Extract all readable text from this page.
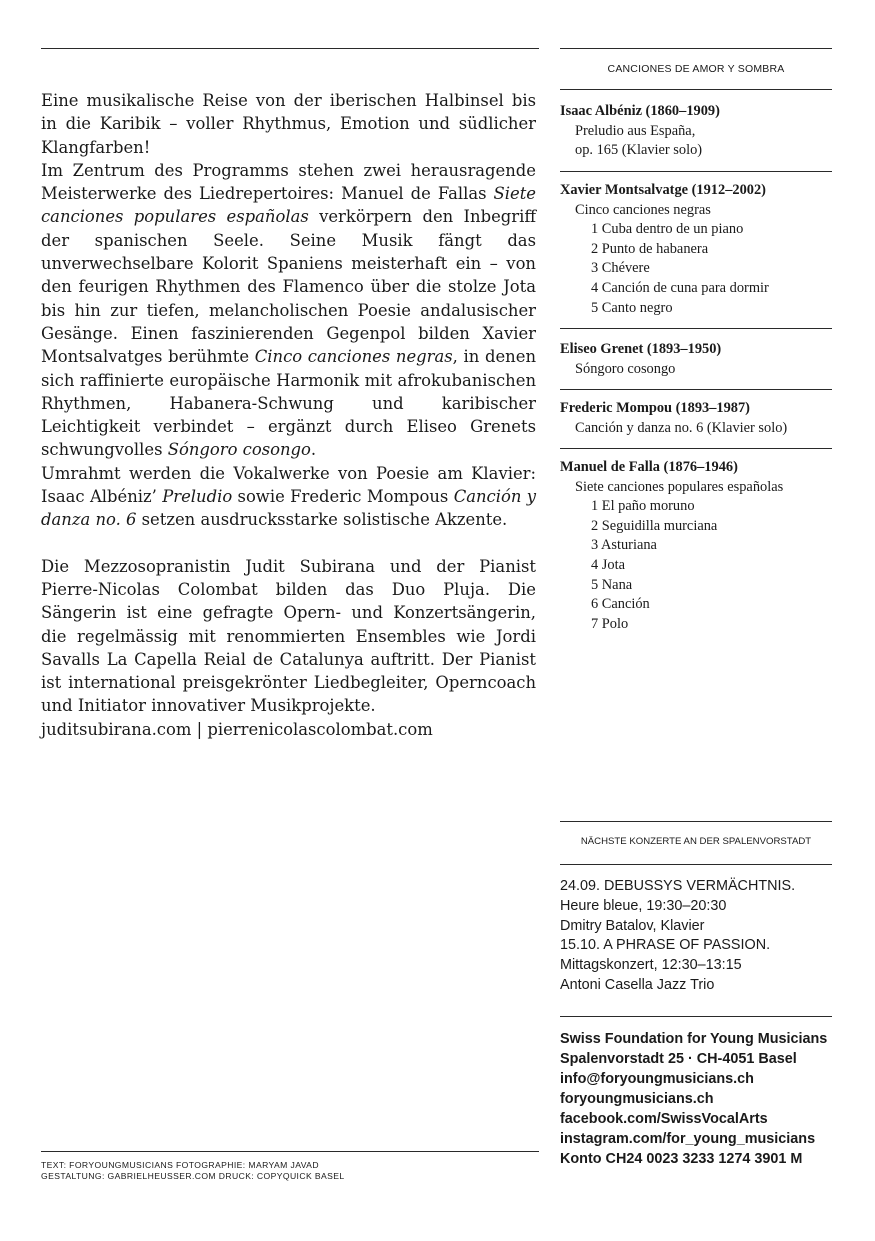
Eine musikalische Reise von der iberischen Halbinsel bis in die Karibik – voller Rhythmus, Emotion und südlicher Klangfarben!

Im Zentrum des Programms stehen zwei herausragende Meisterwerke des Liedrepertoires: Manuel de Fallas Siete canciones populares españolas verkörpern den Inbegriff der spanischen Seele. Seine Musik fängt das unverwechselbare Kolorit Spaniens meisterhaft ein – von den feurigen Rhythmen des Flamenco über die stolze Jota bis hin zur tiefen, melancholischen Poesie andalusischer Gesänge. Einen faszinierenden Gegenpol bilden Xavier Montsalvatges berühmte Cinco canciones negras, in denen sich raffinierte europäische Harmonik mit afrokubanischen Rhythmen, Habanera-Schwung und karibischer Leichtigkeit verbindet – ergänzt durch Eliseo Grenets schwungvolles Sóngoro cosongo.

Umrahmt werden die Vokalwerke von Poesie am Klavier: Isaac Albéniz’ Preludio sowie Frederic Mompous Canción y danza no. 6 setzen ausdrucksstarke solistische Akzente.

Die Mezzosopranistin Judit Subirana und der Pianist Pierre-Nicolas Colombat bilden das Duo Pluja. Die Sängerin ist eine gefragte Opern- und Konzertsängerin, die regelmässig mit renommierten Ensembles wie Jordi Savalls La Capella Reial de Catalunya auftritt. Der Pianist ist international preisgekrönter Liedbegleiter, Operncoach und Initiator innovativer Musikprojekte.

juditsubirana.com | pierrenicolascolombat.com

CANCIONES DE AMOR Y SOMBRA

Isaac Albéniz (1860–1909)

Preludio aus España,

op. 165 (Klavier solo)

Xavier Montsalvatge (1912–2002)

Cinco canciones negras

1 Cuba dentro de un piano

2 Punto de habanera

3 Chévere

4 Canción de cuna para dormir

5 Canto negro

Eliseo Grenet (1893–1950)

Sóngoro cosongo

Frederic Mompou (1893–1987)

Canción y danza no. 6 (Klavier solo)

Manuel de Falla (1876–1946)

Siete canciones populares españolas

1 El paño moruno

2 Seguidilla murciana

3 Asturiana

4 Jota

5 Nana

6 Canción

7 Polo

NÄCHSTE KONZERTE AN DER SPALENVORSTADT
24.09. DEBUSSYS VERMÄCHTNIS.
Heure bleue, 19:30–20:30
Dmitry Batalov, Klavier
15.10. A PHRASE OF PASSION.
Mittagskonzert, 12:30–13:15
Antoni Casella Jazz Trio
Swiss Foundation for Young Musicians
Spalenvorstadt 25 · CH-4051 Basel
info@foryoungmusicians.ch
foryoungmusicians.ch
facebook.com/SwissVocalArts
instagram.com/for_young_musicians
Konto CH24 0023 3233 1274 3901 M
TEXT: FORYOUNGMUSICIANS FOTOGRAPHIE: MARYAM JAVAD
GESTALTUNG: GABRIELHEUSSER.COM DRUCK: COPYQUICK BASEL
